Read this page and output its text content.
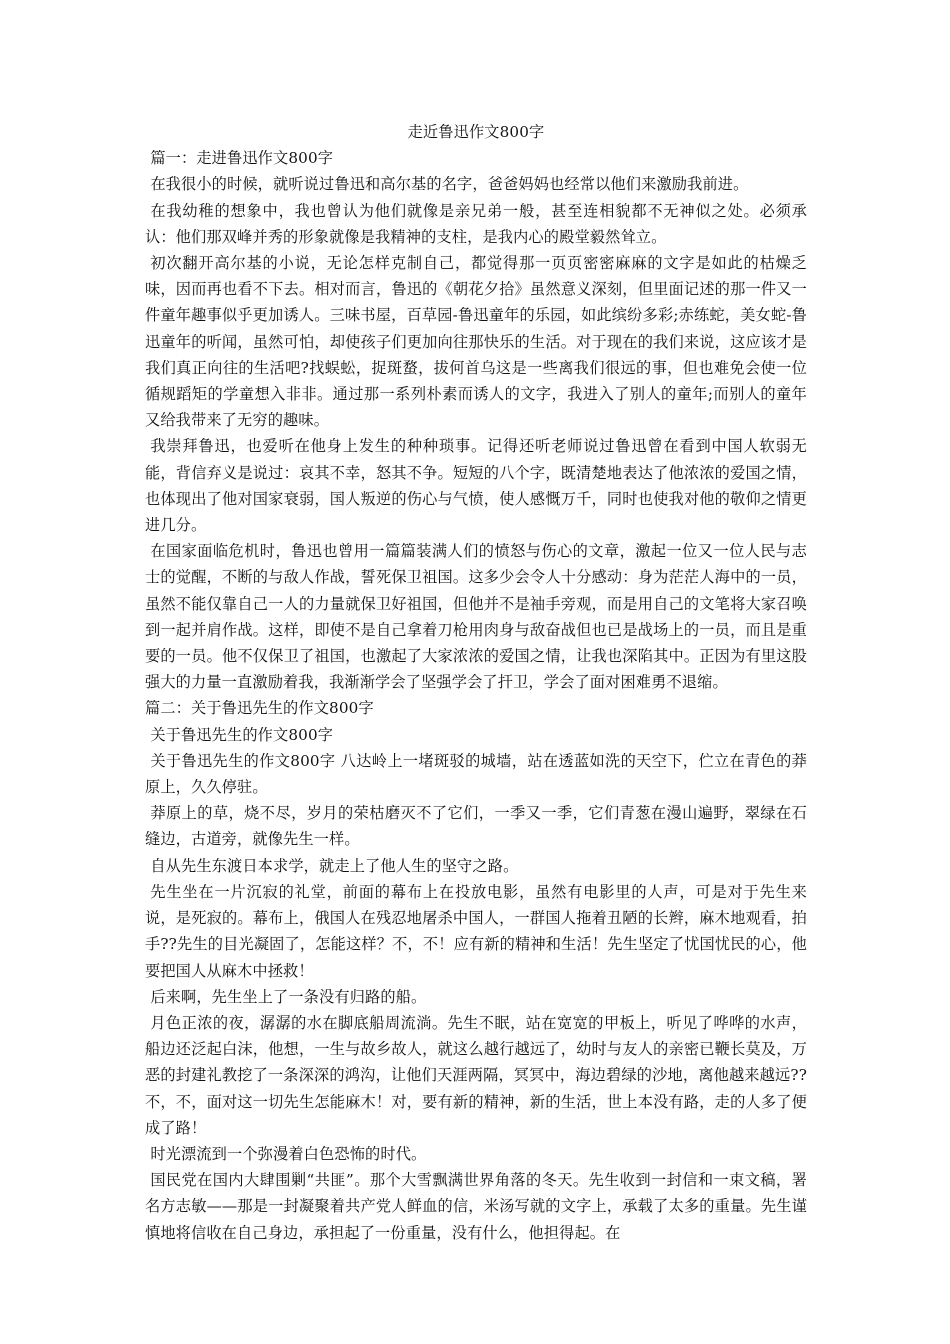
走近鲁迅作文800字

篇一：走进鲁迅作文800字

在我很小的时候，就听说过鲁迅和高尔基的名字，爸爸妈妈也经常以他们来激励我前进。

在我幼稚的想象中，我也曾认为他们就像是亲兄弟一般，甚至连相貌都不无神似之处。必须承认：他们那双峰并秀的形象就像是我精神的支柱，是我内心的殿堂毅然耸立。

初次翻开高尔基的小说，无论怎样克制自己，都觉得那一页页密密麻麻的文字是如此的枯燥乏味，因而再也看不下去。相对而言，鲁迅的《朝花夕拾》虽然意义深刻，但里面记述的那一件又一件童年趣事似乎更加诱人。三味书屋，百草园-鲁迅童年的乐园，如此缤纷多彩;赤练蛇，美女蛇-鲁迅童年的听闻，虽然可怕，却使孩子们更加向往那快乐的生活。对于现在的我们来说，这应该才是我们真正向往的生活吧?找蜈蚣，捉斑蝥，拔何首乌这是一些离我们很远的事，但也难免会使一位循规蹈矩的学童想入非非。通过那一系列朴素而诱人的文字，我进入了别人的童年;而别人的童年又给我带来了无穷的趣味。

我崇拜鲁迅，也爱听在他身上发生的种种琐事。记得还听老师说过鲁迅曾在看到中国人软弱无能，背信弃义是说过：哀其不幸，怒其不争。短短的八个字，既清楚地表达了他浓浓的爱国之情，也体现出了他对国家衰弱，国人叛逆的伤心与气愤，使人感慨万千，同时也使我对他的敬仰之情更进几分。

在国家面临危机时，鲁迅也曾用一篇篇装满人们的愤怒与伤心的文章，激起一位又一位人民与志士的觉醒，不断的与敌人作战，誓死保卫祖国。这多少会令人十分感动：身为茫茫人海中的一员，虽然不能仅靠自己一人的力量就保卫好祖国，但他并不是袖手旁观，而是用自己的文笔将大家召唤到一起并肩作战。这样，即使不是自己拿着刀枪用肉身与敌奋战但也已是战场上的一员，而且是重要的一员。他不仅保卫了祖国，也激起了大家浓浓的爱国之情，让我也深陷其中。正因为有里这股强大的力量一直激励着我，我渐渐学会了坚强学会了扞卫，学会了面对困难勇不退缩。

篇二：关于鲁迅先生的作文800字

关于鲁迅先生的作文800字

关于鲁迅先生的作文800字 八达岭上一堵斑驳的城墙，站在透蓝如洗的天空下，伫立在青色的莽原上，久久停驻。

莽原上的草，烧不尽，岁月的荣枯磨灭不了它们，一季又一季，它们青葱在漫山遍野，翠绿在石缝边，古道旁，就像先生一样。

自从先生东渡日本求学，就走上了他人生的坚守之路。

先生坐在一片沉寂的礼堂，前面的幕布上在投放电影，虽然有电影里的人声，可是对于先生来说，是死寂的。幕布上，俄国人在残忍地屠杀中国人，一群国人拖着丑陋的长辫，麻木地观看，拍手??先生的目光凝固了，怎能这样？不，不！应有新的精神和生活！先生坚定了忧国忧民的心，他要把国人从麻木中拯救！

后来啊，先生坐上了一条没有归路的船。

月色正浓的夜，潺潺的水在脚底船周流淌。先生不眠，站在宽宽的甲板上，听见了哗哗的水声，船边还泛起白沫，他想，一生与故乡故人，就这么越行越远了，幼时与友人的亲密已鞭长莫及，万恶的封建礼教挖了一条深深的鸿沟，让他们天涯两隔，冥冥中，海边碧绿的沙地，离他越来越远??不，不，面对这一切先生怎能麻木！对，要有新的精神，新的生活，世上本没有路，走的人多了便成了路！

时光漂流到一个弥漫着白色恐怖的时代。

国民党在国内大肆围剿“共匪”。那个大雪飘满世界角落的冬天。先生收到一封信和一束文稿，署名方志敏——那是一封凝聚着共产党人鲜血的信，米汤写就的文字上，承载了太多的重量。先生谨慎地将信收在自己身边，承担起了一份重量，没有什么，他担得起。在
